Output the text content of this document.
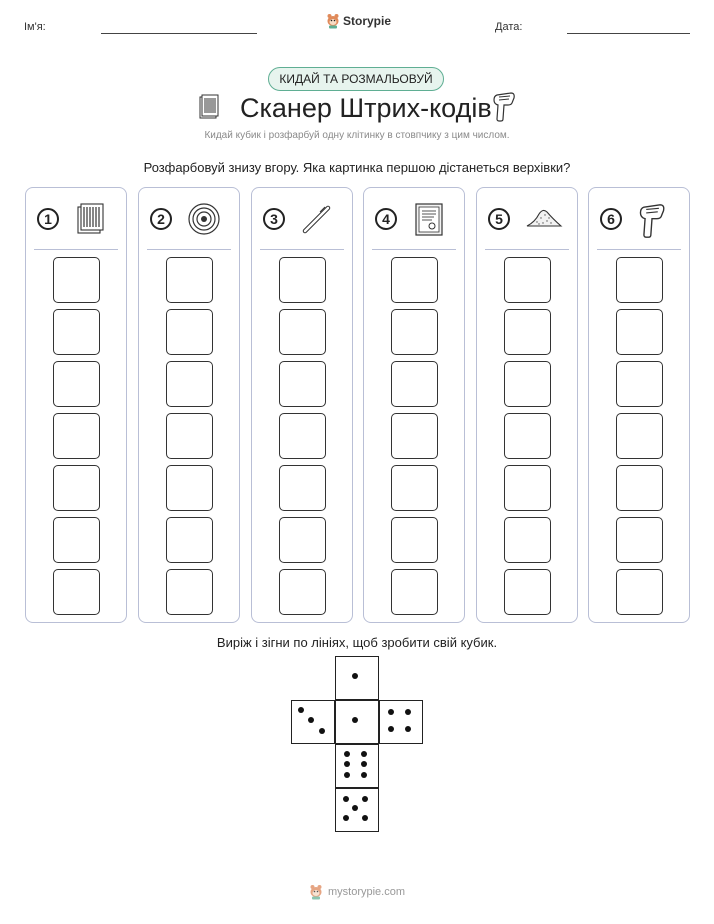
Ім'я:	Storypie	Дата:
КИДАЙ ТА РОЗМАЛЬОВУЙ
Сканер Штрих-кодів
Кидай кубик і розфарбуй одну клітинку в стовпчику з цим числом.
Розфарбовуй знизу вгору. Яка картинка першою дістанеться верхівки?
1	2	3	4	5	6
Виріж і зігни по лініях, щоб зробити свій кубик.
mystorypie.com
